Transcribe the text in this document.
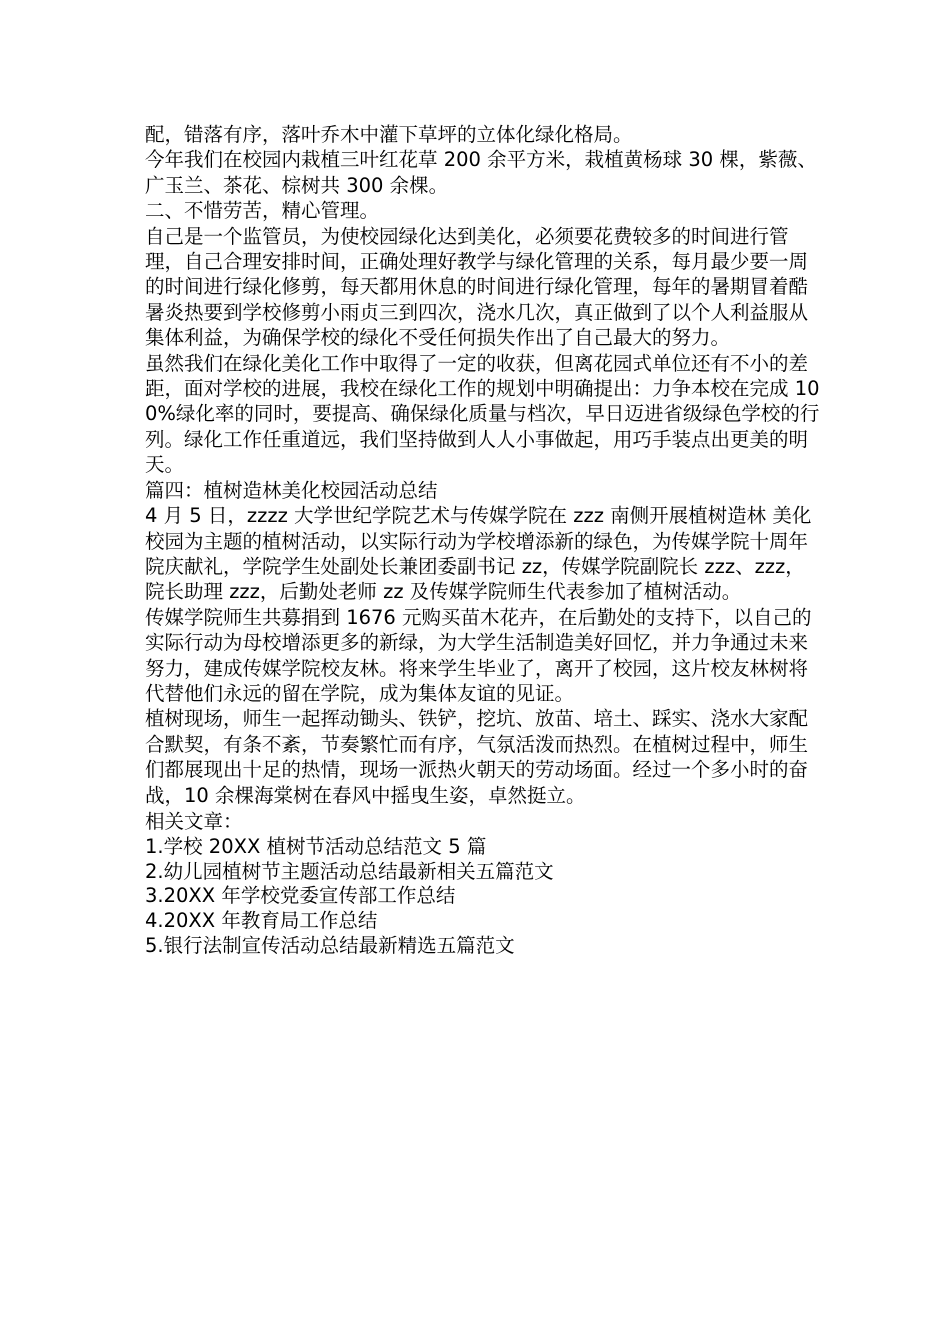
配，错落有序，落叶乔木中灌下草坪的立体化绿化格局。

今年我们在校园内栽植三叶红花草 200 余平方米，栽植黄杨球 30 棵，紫薇、广玉兰、茶花、棕树共 300 余棵。

二、不惜劳苦，精心管理。

自己是一个监管员，为使校园绿化达到美化，必须要花费较多的时间进行管理，自己合理安排时间，正确处理好教学与绿化管理的关系，每月最少要一周的时间进行绿化修剪，每天都用休息的时间进行绿化管理，每年的暑期冒着酷暑炎热要到学校修剪小雨贞三到四次，浇水几次，真正做到了以个人利益服从集体利益，为确保学校的绿化不受任何损失作出了自己最大的努力。

虽然我们在绿化美化工作中取得了一定的收获，但离花园式单位还有不小的差距，面对学校的进展，我校在绿化工作的规划中明确提出：力争本校在完成 100%绿化率的同时，要提高、确保绿化质量与档次，早日迈进省级绿色学校的行列。绿化工作任重道远，我们坚持做到人人小事做起，用巧手装点出更美的明天。

篇四：植树造林美化校园活动总结

4 月 5 日，zzzz 大学世纪学院艺术与传媒学院在 zzz 南侧开展植树造林 美化校园为主题的植树活动，以实际行动为学校增添新的绿色，为传媒学院十周年院庆献礼，学院学生处副处长兼团委副书记 zz，传媒学院副院长 zzz、zzz，院长助理 zzz，后勤处老师 zz 及传媒学院师生代表参加了植树活动。

传媒学院师生共募捐到 1676 元购买苗木花卉，在后勤处的支持下，以自己的实际行动为母校增添更多的新绿，为大学生活制造美好回忆，并力争通过未来努力，建成传媒学院校友林。将来学生毕业了，离开了校园，这片校友林树将代替他们永远的留在学院，成为集体友谊的见证。

植树现场，师生一起挥动锄头、铁铲，挖坑、放苗、培土、踩实、浇水大家配合默契，有条不紊，节奏繁忙而有序，气氛活泼而热烈。在植树过程中，师生们都展现出十足的热情，现场一派热火朝天的劳动场面。经过一个多小时的奋战，10 余棵海棠树在春风中摇曳生姿，卓然挺立。

相关文章：

1.学校 20XX 植树节活动总结范文 5 篇

2.幼儿园植树节主题活动总结最新相关五篇范文

3.20XX 年学校党委宣传部工作总结

4.20XX 年教育局工作总结

5.银行法制宣传活动总结最新精选五篇范文
